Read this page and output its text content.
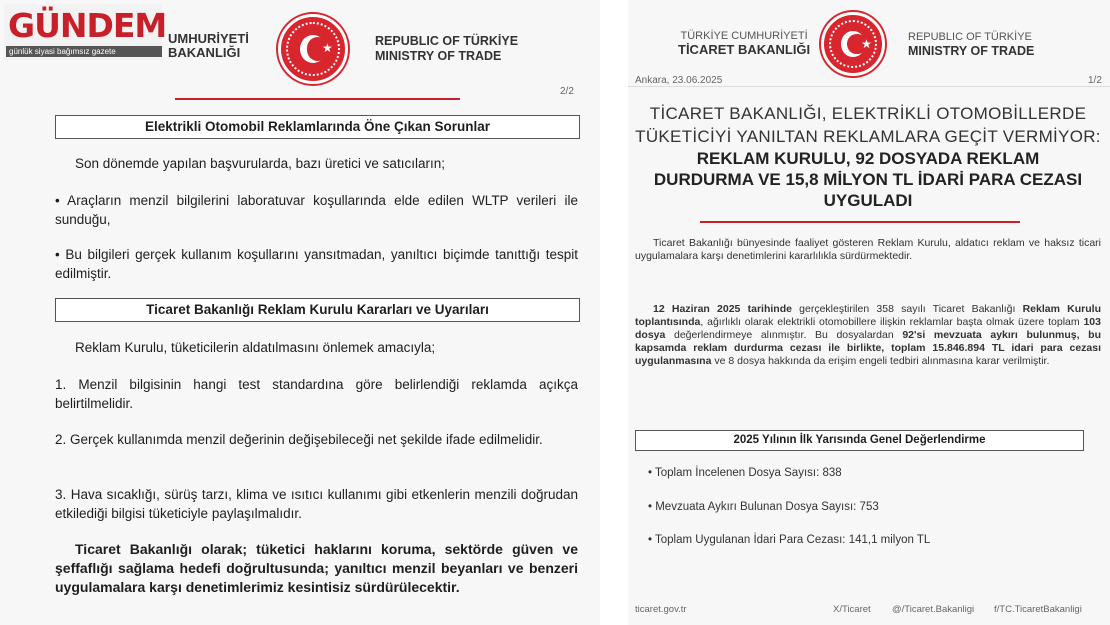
UMHURİYETİ
BAKANLIĞI	★
REPUBLIC OF TÜRKİYE
MINISTRY OF TRADE
2/2
Elektrikli Otomobil Reklamlarında Öne Çıkan Sorunlar
Son dönemde yapılan başvurularda, bazı üretici ve satıcıların;
• Araçların menzil bilgilerini laboratuvar koşullarında elde edilen WLTP verileri ile sunduğu,
• Bu bilgileri gerçek kullanım koşullarını yansıtmadan, yanıltıcı biçimde tanıttığı tespit edilmiştir.
Ticaret Bakanlığı Reklam Kurulu Kararları ve Uyarıları
Reklam Kurulu, tüketicilerin aldatılmasını önlemek amacıyla;
1. Menzil bilgisinin hangi test standardına göre belirlendiği reklamda açıkça belirtilmelidir.
2. Gerçek kullanımda menzil değerinin değişebileceği net şekilde ifade edilmelidir.
3. Hava sıcaklığı, sürüş tarzı, klima ve ısıtıcı kullanımı gibi etkenlerin menzili doğrudan etkilediği bilgisi tüketiciyle paylaşılmalıdır.
Ticaret Bakanlığı olarak; tüketici haklarını koruma, sektörde güven ve şeffaflığı sağlama hedefi doğrultusunda; yanıltıcı menzil beyanları ve benzeri uygulamalara karşı denetimlerimiz kesintisiz sürdürülecektir.
GÜNDEM
günlük siyasi bağımsız gazete
TÜRKİYE CUMHURİYETİ
TİCARET BAKANLIĞI	★
REPUBLIC OF TÜRKİYE
MINISTRY OF TRADE
Ankara, 23.06.2025	1/2
TİCARET BAKANLIĞI, ELEKTRİKLİ OTOMOBİLLERDE
TÜKETİCİYİ YANILTAN REKLAMLARA GEÇİT VERMİYOR:
REKLAM KURULU, 92 DOSYADA REKLAM
DURDURMA VE 15,8 MİLYON TL İDARİ PARA CEZASI
UYGULADI
Ticaret Bakanlığı bünyesinde faaliyet gösteren Reklam Kurulu, aldatıcı reklam ve haksız ticari uygulamalara karşı denetimlerini kararlılıkla sürdürmektedir.
12 Haziran 2025 tarihinde gerçekleştirilen 358 sayılı Ticaret Bakanlığı Reklam Kurulu toplantısında, ağırlıklı olarak elektrikli otomobillere ilişkin reklamlar başta olmak üzere toplam 103 dosya değerlendirmeye alınmıştır. Bu dosyalardan 92'si mevzuata aykırı bulunmuş, bu kapsamda reklam durdurma cezası ile birlikte, toplam 15.846.894 TL idari para cezası uygulanmasına ve 8 dosya hakkında da erişim engeli tedbiri alınmasına karar verilmiştir.
2025 Yılının İlk Yarısında Genel Değerlendirme
• Toplam İncelenen Dosya Sayısı: 838
• Mevzuata Aykırı Bulunan Dosya Sayısı: 753
• Toplam Uygulanan İdari Para Cezası: 141,1 milyon TL
ticaret.gov.tr	X/Ticaret @/Ticaret.Bakanligi f/TC.TicaretBakanligi
